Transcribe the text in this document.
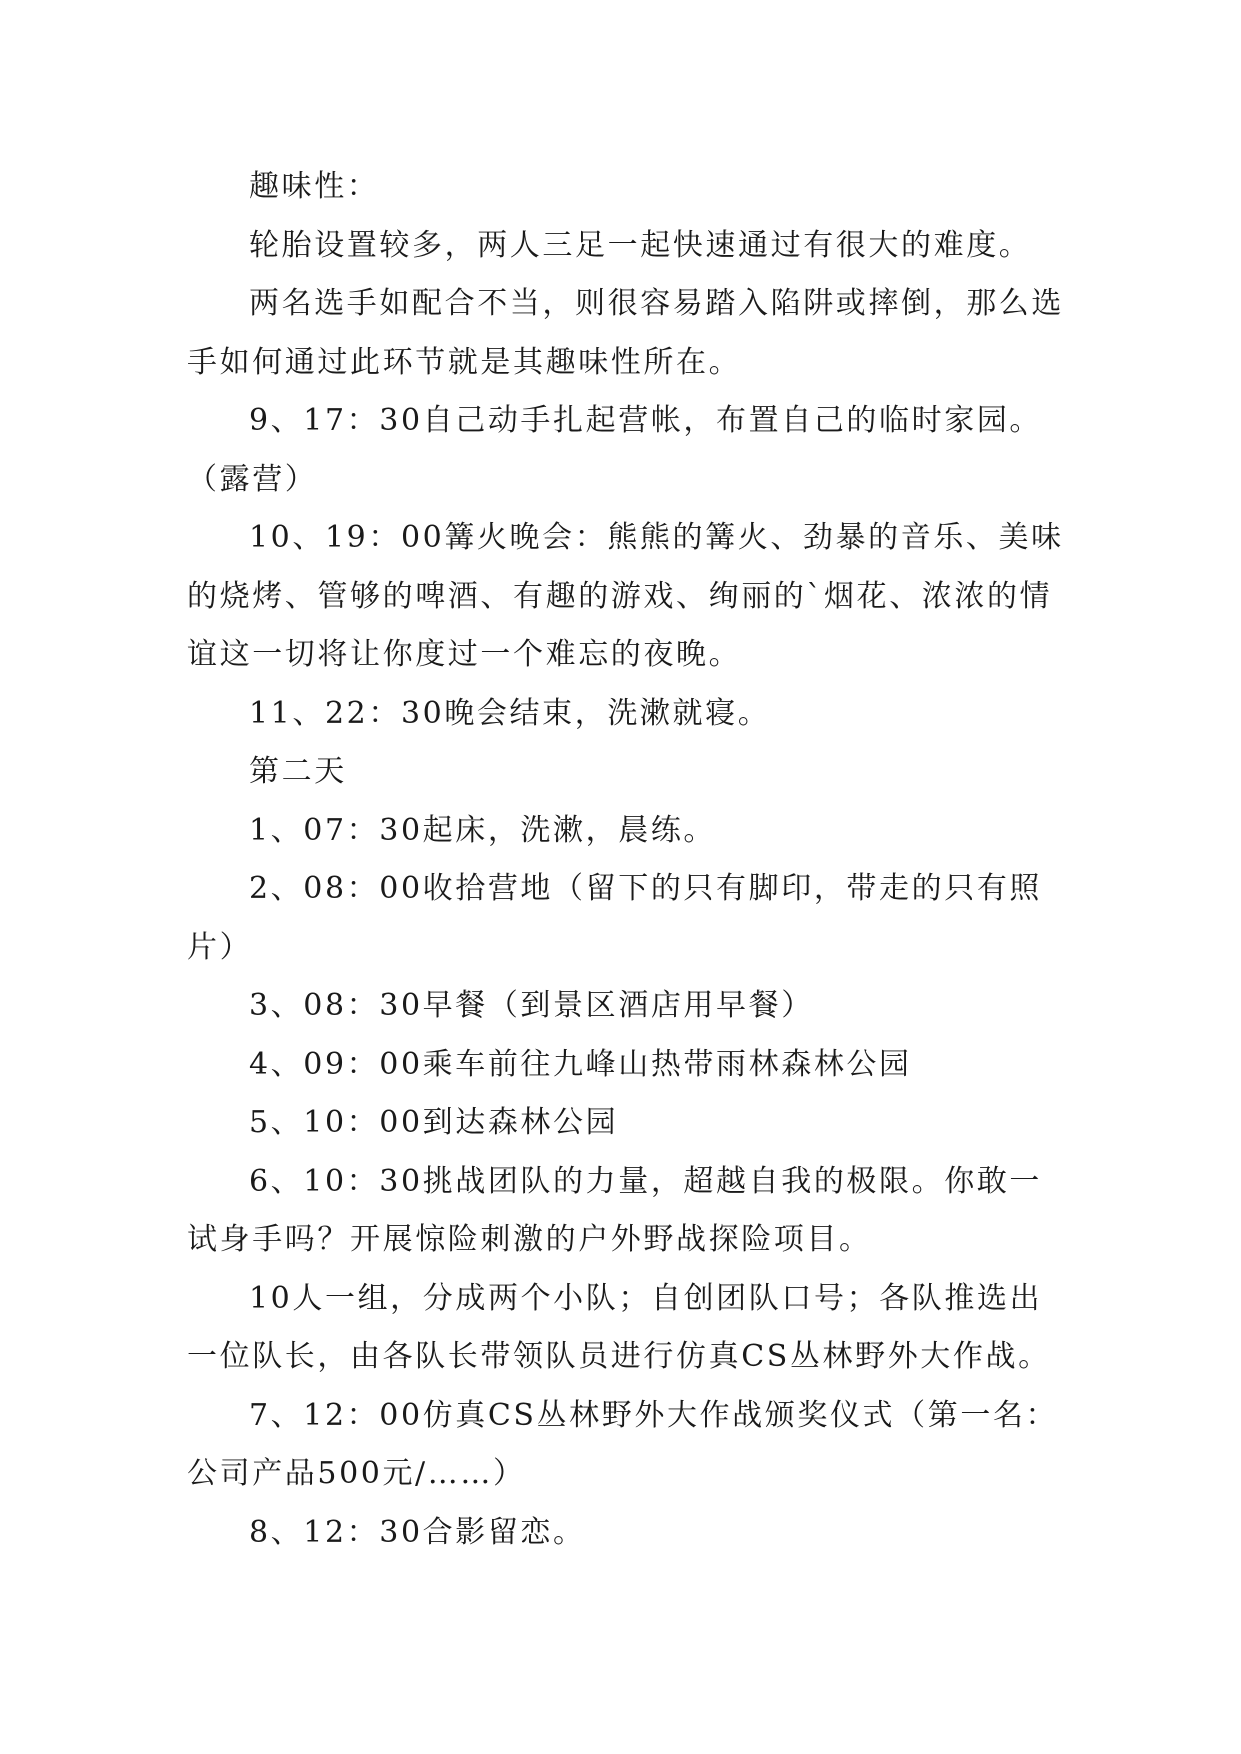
趣味性：

轮胎设置较多，两人三足一起快速通过有很大的难度。

两名选手如配合不当，则很容易踏入陷阱或摔倒，那么选手如何通过此环节就是其趣味性所在。

9、17：30自己动手扎起营帐，布置自己的临时家园。（露营）

10、19：00篝火晚会：熊熊的篝火、劲暴的音乐、美味的烧烤、管够的啤酒、有趣的游戏、绚丽的`烟花、浓浓的情谊这一切将让你度过一个难忘的夜晚。

11、22：30晚会结束，洗漱就寝。

第二天

1、07：30起床，洗漱，晨练。

2、08：00收拾营地（留下的只有脚印，带走的只有照片）

3、08：30早餐（到景区酒店用早餐）

4、09：00乘车前往九峰山热带雨林森林公园

5、10：00到达森林公园

6、10：30挑战团队的力量，超越自我的极限。你敢一试身手吗？开展惊险刺激的户外野战探险项目。

10人一组，分成两个小队；自创团队口号；各队推选出一位队长，由各队长带领队员进行仿真CS丛林野外大作战。

7、12：00仿真CS丛林野外大作战颁奖仪式（第一名：公司产品500元/……）

8、12：30合影留恋。
